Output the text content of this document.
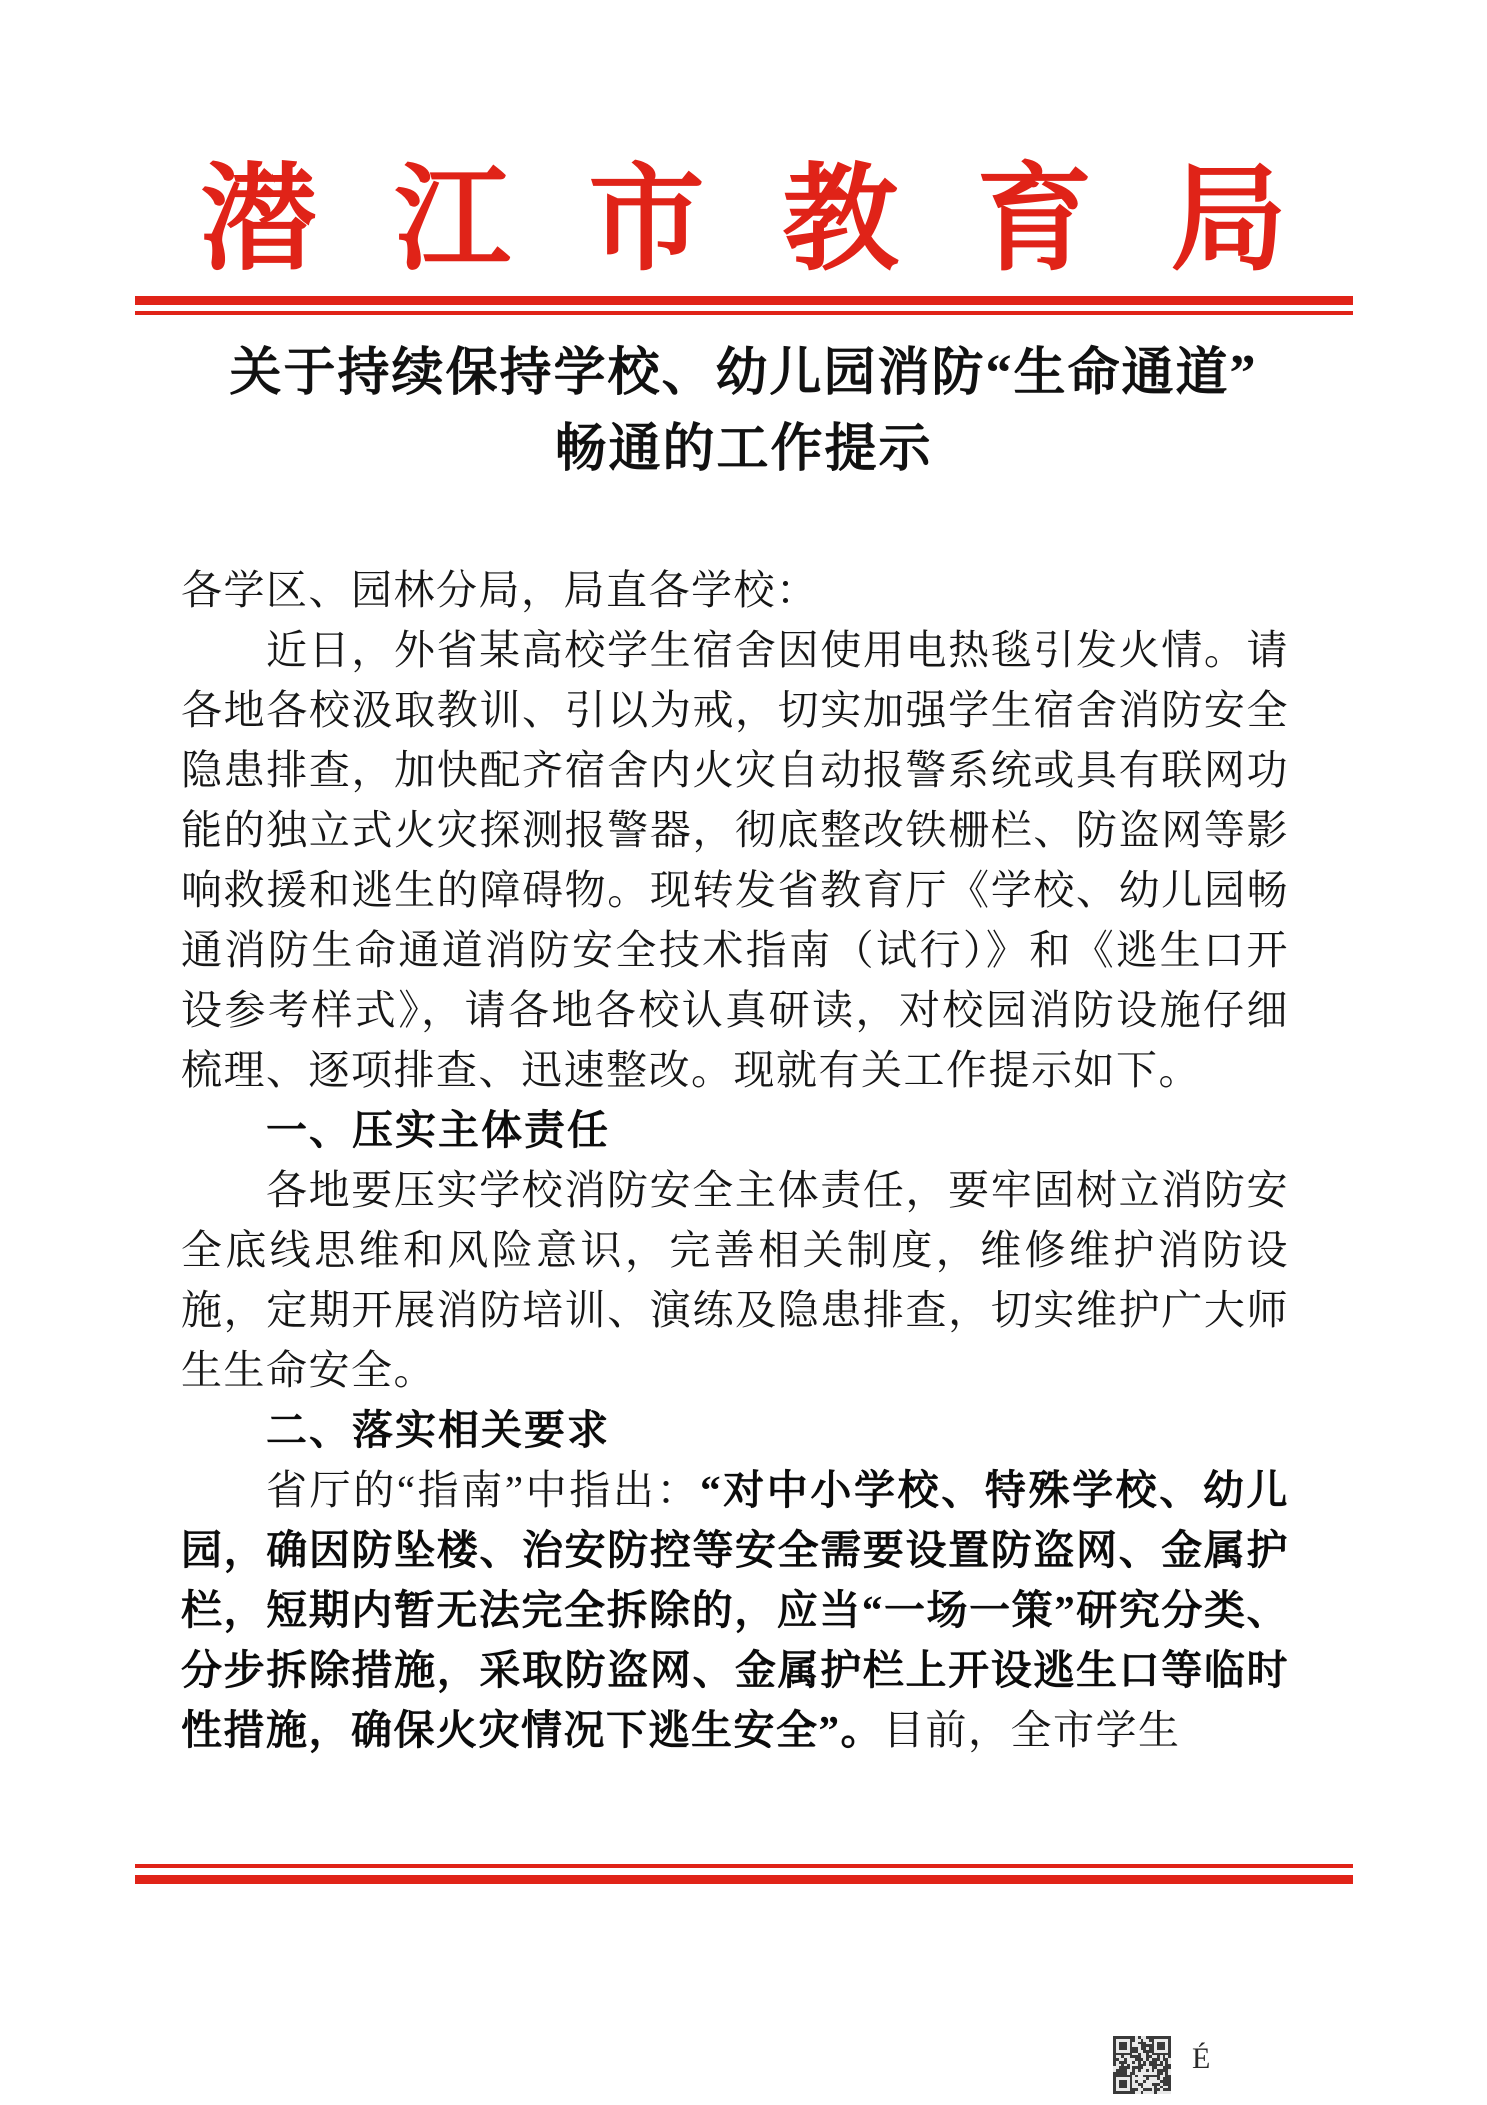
潜江市教育局
关于持续保持学校、幼儿园消防“生命通道”
畅通的工作提示

各学区、园林分局，局直各学校：

近日，外省某高校学生宿舍因使用电热毯引发火情。请各地各校汲取教训、引以为戒，切实加强学生宿舍消防安全隐患排查，加快配齐宿舍内火灾自动报警系统或具有联网功能的独立式火灾探测报警器，彻底整改铁栅栏、防盗网等影响救援和逃生的障碍物。现转发省教育厅《学校、幼儿园畅通消防生命通道消防安全技术指南（试行）》和《逃生口开设参考样式》，请各地各校认真研读，对校园消防设施仔细梳理、逐项排查、迅速整改。现就有关工作提示如下。

一、压实主体责任

各地要压实学校消防安全主体责任，要牢固树立消防安全底线思维和风险意识，完善相关制度，维修维护消防设施，定期开展消防培训、演练及隐患排查，切实维护广大师生生命安全。

二、落实相关要求

省厅的“指南”中指出：“对中小学校、特殊学校、幼儿园，确因防坠楼、治安防控等安全需要设置防盗网、金属护栏，短期内暂无法完全拆除的，应当“一场一策”研究分类、分步拆除措施，采取防盗网、金属护栏上开设逃生口等临时性措施，确保火灾情况下逃生安全”。目前，全市学生

É
